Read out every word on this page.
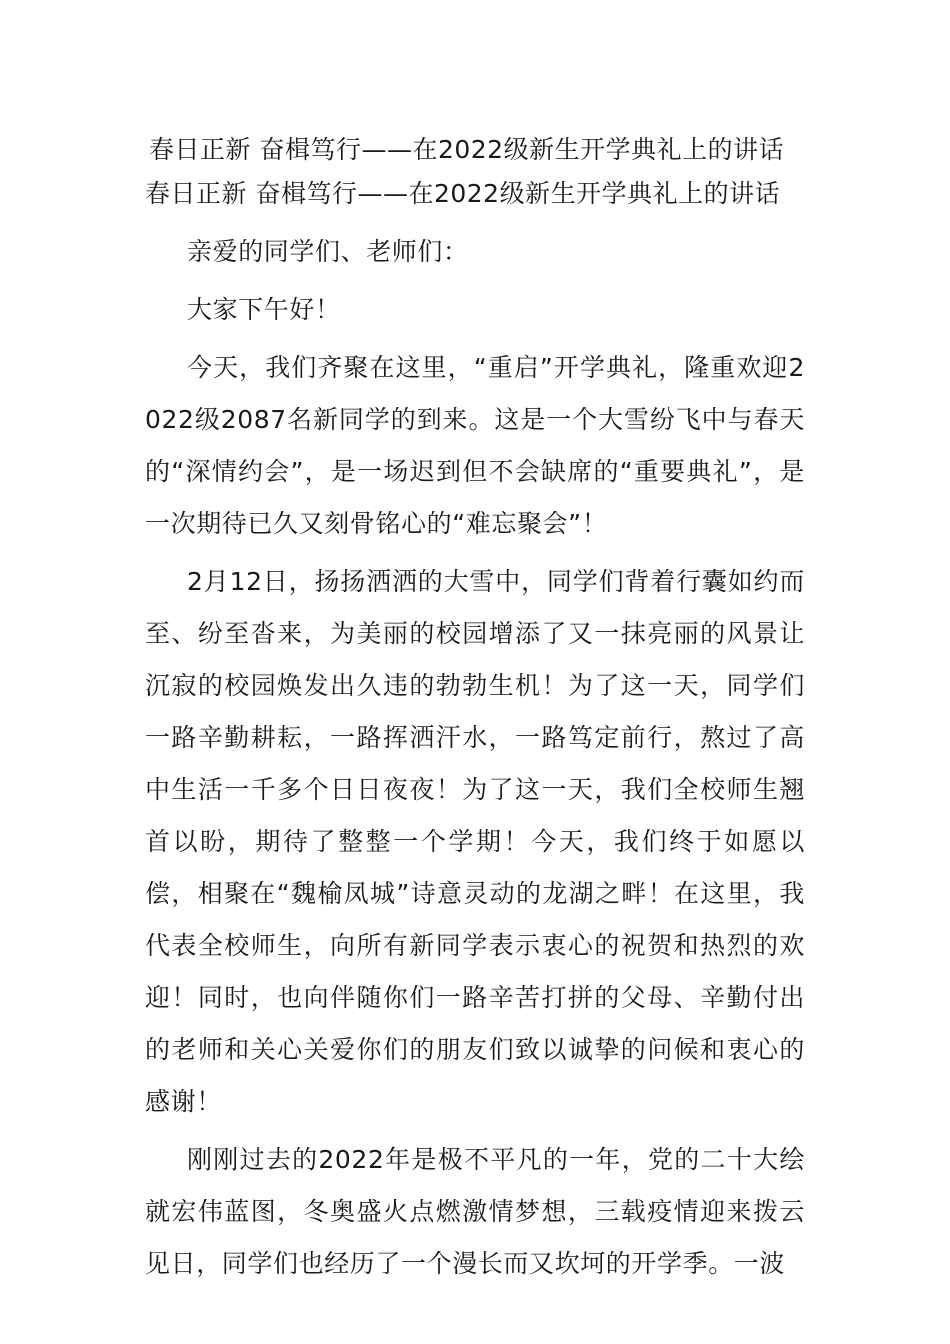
春日正新 奋楫笃行——在2022级新生开学典礼上的讲话
春日正新 奋楫笃行——在2022级新生开学典礼上的讲话

亲爱的同学们、老师们：

大家下午好！

今天，我们齐聚在这里，“重启”开学典礼，隆重欢迎2022级2087名新同学的到来。这是一个大雪纷飞中与春天的“深情约会”，是一场迟到但不会缺席的“重要典礼”，是一次期待已久又刻骨铭心的“难忘聚会”！

2月12日，扬扬洒洒的大雪中，同学们背着行囊如约而至、纷至沓来，为美丽的校园增添了又一抹亮丽的风景让沉寂的校园焕发出久违的勃勃生机！为了这一天，同学们一路辛勤耕耘，一路挥洒汗水，一路笃定前行，熬过了高中生活一千多个日日夜夜！为了这一天，我们全校师生翘首以盼，期待了整整一个学期！今天，我们终于如愿以偿，相聚在“魏榆凤城”诗意灵动的龙湖之畔！在这里，我代表全校师生，向所有新同学表示衷心的祝贺和热烈的欢迎！同时，也向伴随你们一路辛苦打拼的父母、辛勤付出的老师和关心关爱你们的朋友们致以诚挚的问候和衷心的感谢！

刚刚过去的2022年是极不平凡的一年，党的二十大绘就宏伟蓝图，冬奥盛火点燃激情梦想，三载疫情迎来拨云见日，同学们也经历了一个漫长而又坎坷的开学季。一波
